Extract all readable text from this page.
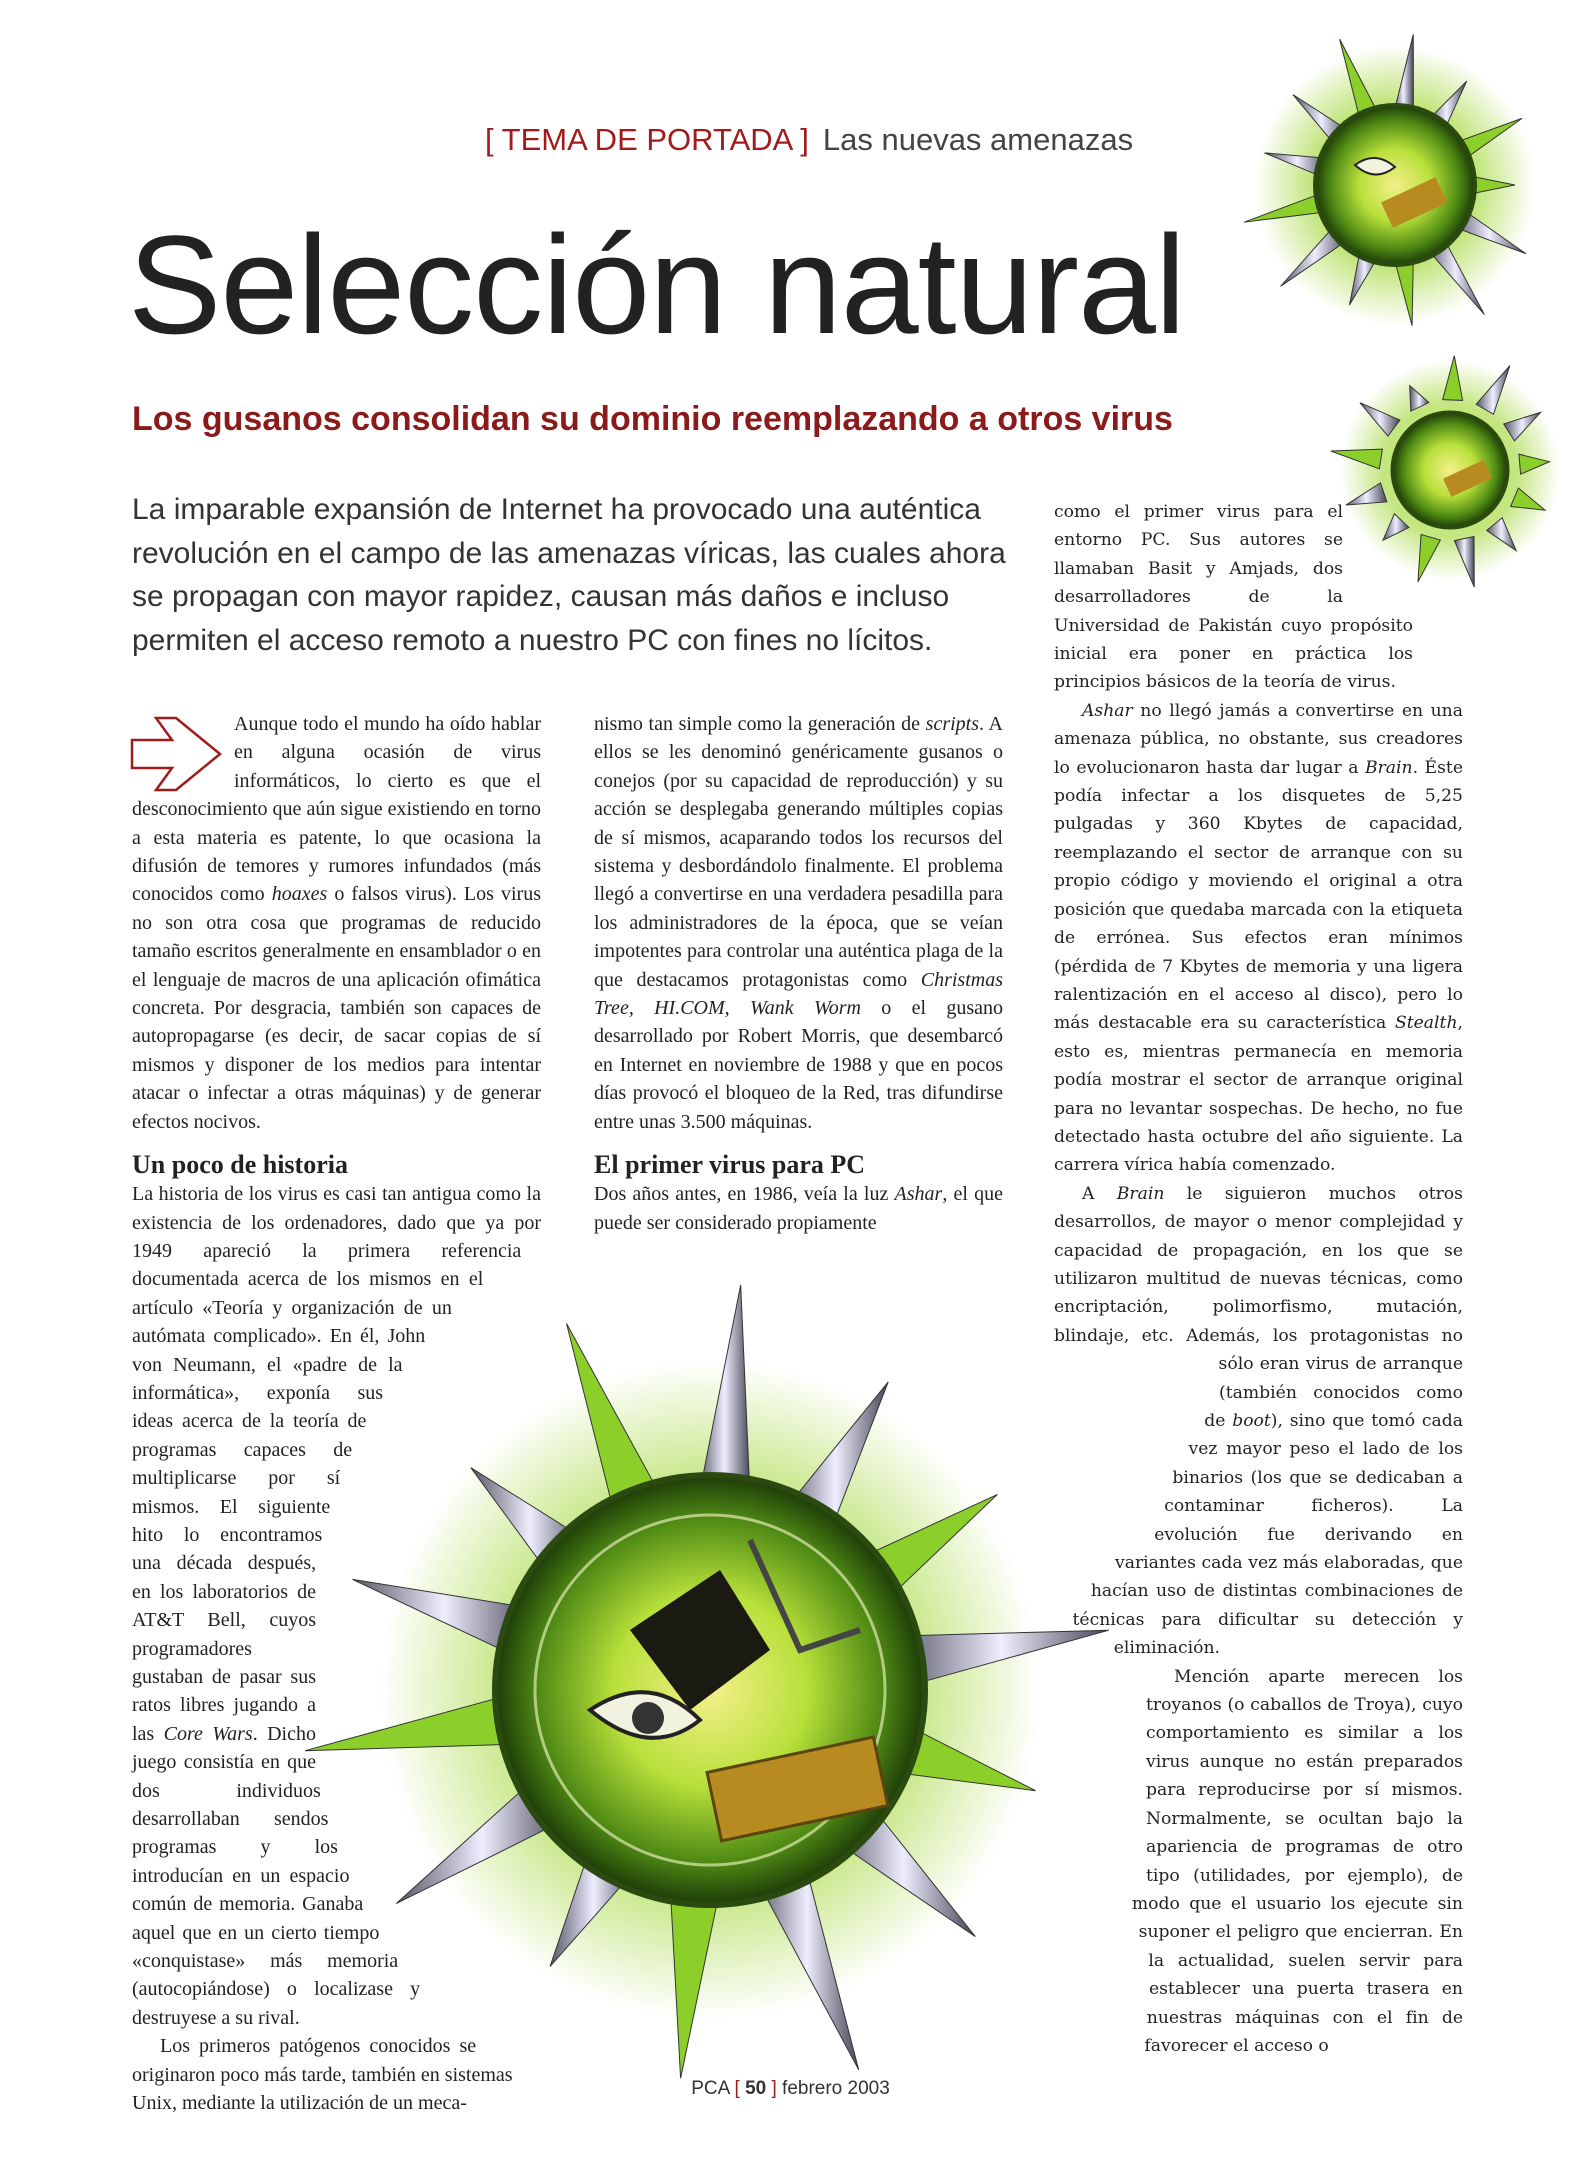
[ TEMA DE PORTADA ] Las nuevas amenazas
Selección natural
Los gusanos consolidan su dominio reemplazando a otros virus
La imparable expansión de Internet ha provocado una auténtica
revolución en el campo de las amenazas víricas, las cuales ahora
se propagan con mayor rapidez, causan más daños e incluso
permiten el acceso remoto a nuestro PC con fines no lícitos.

Aunque todo el mundo ha oído hablar en alguna ocasión de virus informáticos, lo cierto es que el desconocimiento que aún sigue existiendo en torno a esta materia es patente, lo que ocasiona la difusión de temores y rumores infundados (más conocidos como hoaxes o falsos virus). Los virus no son otra cosa que programas de reducido tamaño escritos generalmente en ensamblador o en el lenguaje de macros de una aplicación ofimática concreta. Por desgracia, también son capaces de autopropagarse (es decir, de sacar copias de sí mismos y disponer de los medios para intentar atacar o infectar a otras máquinas) y de generar efectos nocivos.

Un poco de historia

La historia de los virus es casi tan antigua como la existencia de los ordenadores, dado que ya por 1949 apareció la primera referencia documentada acerca de los mismos en el artículo «Teoría y organización de un autómata complicado». En él, John von Neumann, el «padre de la informática», exponía sus ideas acerca de la teoría de programas capaces de multiplicarse por sí mismos. El siguiente hito lo encontramos una década después, en los laboratorios de AT&T Bell, cuyos programadores gustaban de pasar sus ratos libres jugando a las Core Wars. Dicho juego consistía en que dos individuos desarrollaban sendos programas y los introducían en un espacio común de memoria. Ganaba aquel que en un cierto tiempo «conquistase» más memoria (autocopiándose) o localizase y destruyese a su rival.

Los primeros patógenos conocidos se originaron poco más tarde, también en sistemas Unix, mediante la utilización de un meca-

nismo tan simple como la generación de scripts. A ellos se les denominó genéricamente gusanos o conejos (por su capacidad de reproducción) y su acción se desplegaba generando múltiples copias de sí mismos, acaparando todos los recursos del sistema y desbordándolo finalmente. El problema llegó a convertirse en una verdadera pesadilla para los administradores de la época, que se veían impotentes para controlar una auténtica plaga de la que destacamos protagonistas como Christmas Tree, HI.COM, Wank Worm o el gusano desarrollado por Robert Morris, que desembarcó en Internet en noviembre de 1988 y que en pocos días provocó el bloqueo de la Red, tras difundirse entre unas 3.500 máquinas.

El primer virus para PC

Dos años antes, en 1986, veía la luz Ashar, el que puede ser considerado propiamente

como el primer virus para el entorno PC. Sus autores se llamaban Basit y Amjads, dos desarrolladores de la Universidad de Pakistán cuyo propósito inicial era poner en práctica los principios básicos de la teoría de virus.

Ashar no llegó jamás a convertirse en una amenaza pública, no obstante, sus creadores lo evolucionaron hasta dar lugar a Brain. Éste podía infectar a los disquetes de 5,25 pulgadas y 360 Kbytes de capacidad, reemplazando el sector de arranque con su propio código y moviendo el original a otra posición que quedaba marcada con la etiqueta de errónea. Sus efectos eran mínimos (pérdida de 7 Kbytes de memoria y una ligera ralentización en el acceso al disco), pero lo más destacable era su característica Stealth, esto es, mientras permanecía en memoria podía mostrar el sector de arranque original para no levantar sospechas. De hecho, no fue detectado hasta octubre del año siguiente. La carrera vírica había comenzado.

A Brain le siguieron muchos otros desarrollos, de mayor o menor complejidad y capacidad de propagación, en los que se utilizaron multitud de nuevas técnicas, como encriptación, polimorfismo, mutación, blindaje, etc. Además, los protagonistas no sólo eran virus de arranque (también conocidos como de boot), sino que tomó cada vez mayor peso el lado de los binarios (los que se dedicaban a contaminar ficheros). La evolución fue derivando en variantes cada vez más elaboradas, que hacían uso de distintas combinaciones de técnicas para dificultar su detección y eliminación.

Mención aparte merecen los troyanos (o caballos de Troya), cuyo comportamiento es similar a los virus aunque no están preparados para reproducirse por sí mismos. Normalmente, se ocultan bajo la apariencia de programas de otro tipo (utilidades, por ejemplo), de modo que el usuario los ejecute sin suponer el peligro que encierran. En la actualidad, suelen servir para establecer una puerta trasera en nuestras máquinas con el fin de favorecer el acceso o

PCA [ 50 ] febrero 2003
